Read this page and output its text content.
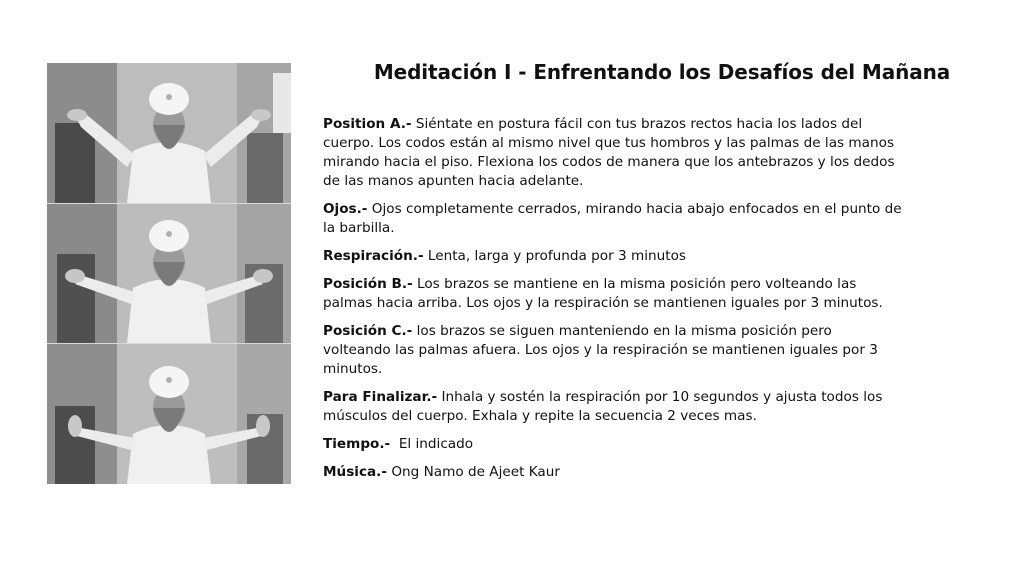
Meditación I - Enfrentando los Desafíos del Mañana

Position A.- Siéntate en postura fácil con tus brazos rectos hacia los lados del cuerpo. Los codos están al mismo nivel que tus hombros y las palmas de las manos mirando hacia el piso. Flexiona los codos de manera que los antebrazos y los dedos de las manos apunten hacia adelante.

Ojos.- Ojos completamente cerrados, mirando hacia abajo enfocados en el punto de la barbilla.

Respiración.- Lenta, larga y profunda por 3 minutos

Posición B.- Los brazos se mantiene en la misma posición pero volteando las palmas hacia arriba. Los ojos y la respiración se mantienen iguales por 3 minutos.

Posición C.- los brazos se siguen manteniendo en la misma posición pero volteando las palmas afuera. Los ojos y la respiración se mantienen iguales por 3 minutos.

Para Finalizar.- Inhala y sostén la respiración por 10 segundos y ajusta todos los músculos del cuerpo. Exhala y repite la secuencia 2 veces mas.

Tiempo.-  El indicado

Música.- Ong Namo de Ajeet Kaur
